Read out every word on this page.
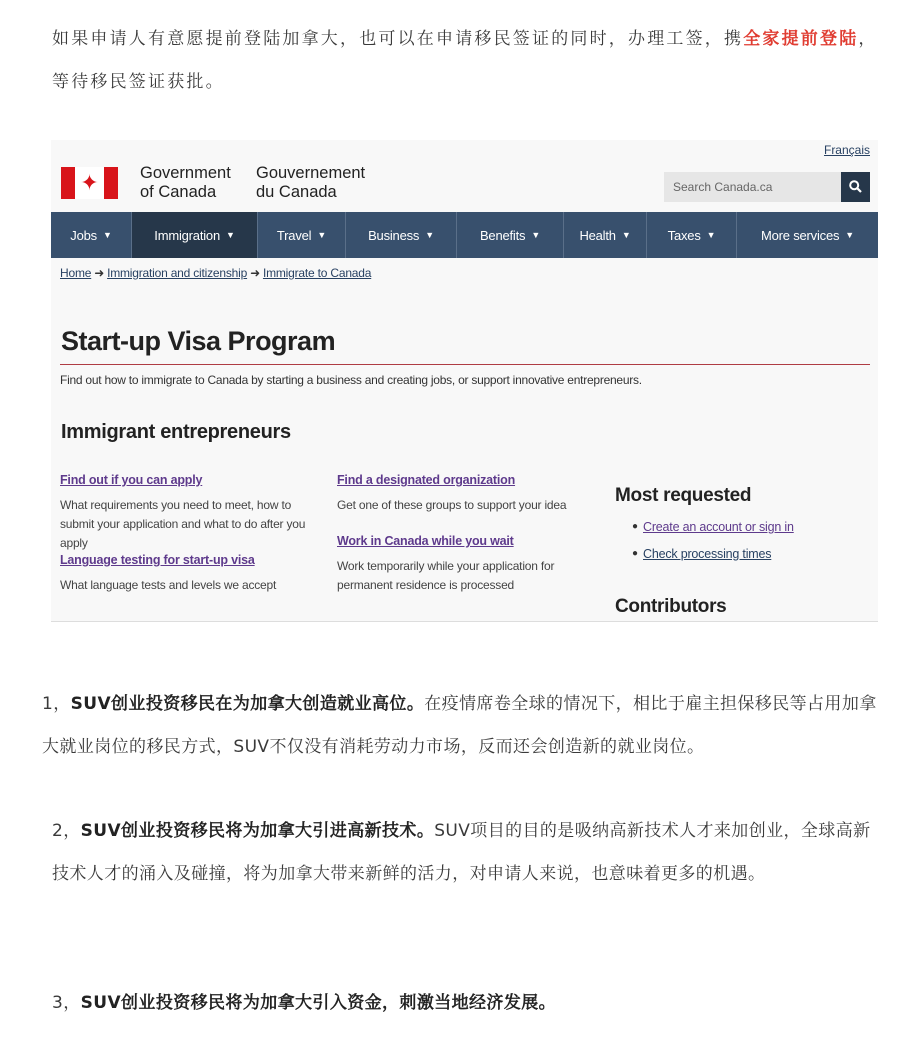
如果申请人有意愿提前登陆加拿大，也可以在申请移民签证的同时，办理工签，携全家提前登陆，等待移民签证获批。

✦	Government
of Canada
Gouvernement
du Canada
Français
Search Canada.ca
Jobs ▼	Immigration ▼	Travel ▼	Business ▼	Benefits ▼	Health ▼	Taxes ▼	More services ▼
Home ➜ Immigration and citizenship ➜ Immigrate to Canada
Start-up Visa Program

Find out how to immigrate to Canada by starting a business and creating jobs, or support innovative entrepreneurs.

Immigrant entrepreneurs
Find out if you can apply

What requirements you need to meet, how to submit your application and what to do after you apply

Find a designated organization

Get one of these groups to support your idea

Language testing for start-up visa

What language tests and levels we accept

Work in Canada while you wait

Work temporarily while your application for permanent residence is processed

Most requested
● Create an account or sign in
● Check processing times
Contributors

1，SUV创业投资移民在为加拿大创造就业高位。在疫情席卷全球的情况下，相比于雇主担保移民等占用加拿大就业岗位的移民方式，SUV不仅没有消耗劳动力市场，反而还会创造新的就业岗位。

2，SUV创业投资移民将为加拿大引进高新技术。SUV项目的目的是吸纳高新技术人才来加创业，全球高新技术人才的涌入及碰撞，将为加拿大带来新鲜的活力，对申请人来说，也意味着更多的机遇。

3，SUV创业投资移民将为加拿大引入资金，刺激当地经济发展。
